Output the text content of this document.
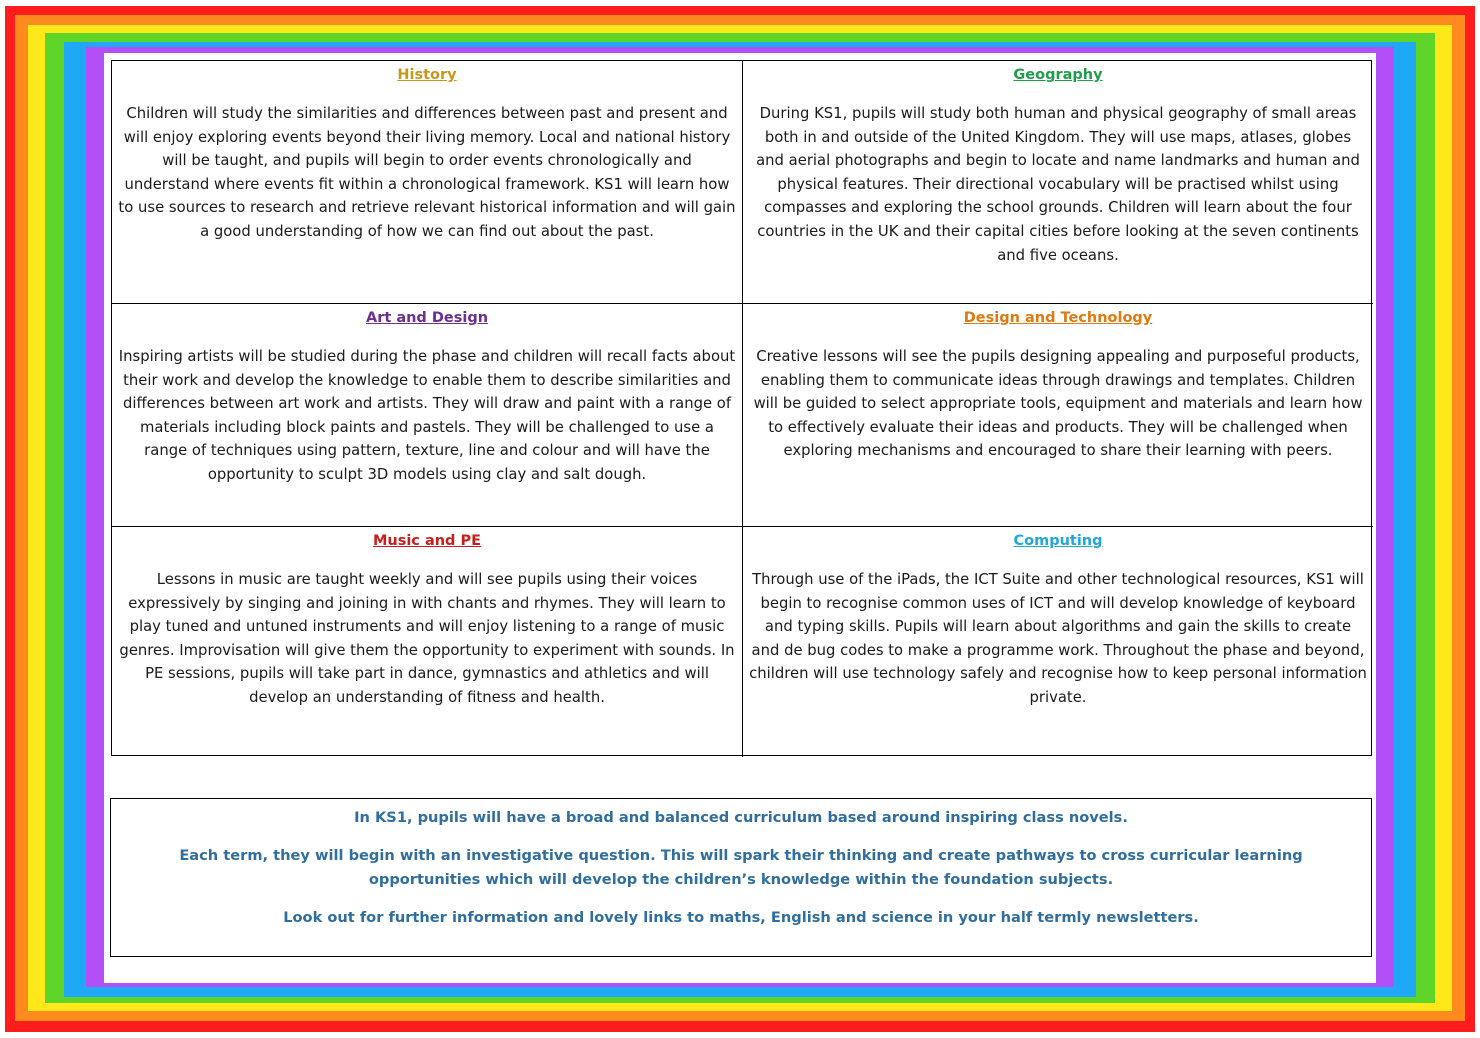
History

Children will study the similarities and differences between past and present and will enjoy exploring events beyond their living memory. Local and national history will be taught, and pupils will begin to order events chronologically and understand where events fit within a chronological framework. KS1 will learn how to use sources to research and retrieve relevant historical information and will gain a good understanding of how we can find out about the past.

Geography

During KS1, pupils will study both human and physical geography of small areas both in and outside of the United Kingdom. They will use maps, atlases, globes and aerial photographs and begin to locate and name landmarks and human and physical features. Their directional vocabulary will be practised whilst using compasses and exploring the school grounds. Children will learn about the four countries in the UK and their capital cities before looking at the seven continents and five oceans.

Art and Design

Inspiring artists will be studied during the phase and children will recall facts about their work and develop the knowledge to enable them to describe similarities and differences between art work and artists. They will draw and paint with a range of materials including block paints and pastels. They will be challenged to use a range of techniques using pattern, texture, line and colour and will have the opportunity to sculpt 3D models using clay and salt dough.

Design and Technology

Creative lessons will see the pupils designing appealing and purposeful products, enabling them to communicate ideas through drawings and templates. Children will be guided to select appropriate tools, equipment and materials and learn how to effectively evaluate their ideas and products. They will be challenged when exploring mechanisms and encouraged to share their learning with peers.

Music and PE

Lessons in music are taught weekly and will see pupils using their voices expressively by singing and joining in with chants and rhymes. They will learn to play tuned and untuned instruments and will enjoy listening to a range of music genres. Improvisation will give them the opportunity to experiment with sounds. In PE sessions, pupils will take part in dance, gymnastics and athletics and will develop an understanding of fitness and health.

Computing

Through use of the iPads, the ICT Suite and other technological resources, KS1 will begin to recognise common uses of ICT and will develop knowledge of keyboard and typing skills. Pupils will learn about algorithms and gain the skills to create and de bug codes to make a programme work. Throughout the phase and beyond, children will use technology safely and recognise how to keep personal information private.

In KS1, pupils will have a broad and balanced curriculum based around inspiring class novels.

Each term, they will begin with an investigative question. This will spark their thinking and create pathways to cross curricular learning opportunities which will develop the children’s knowledge within the foundation subjects.

Look out for further information and lovely links to maths, English and science in your half termly newsletters.
